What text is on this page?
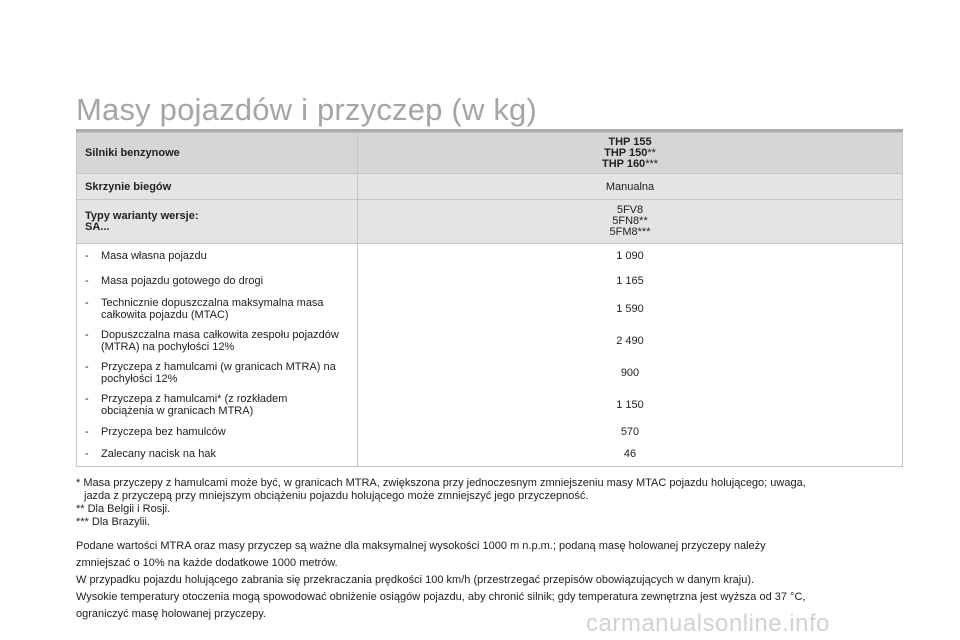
Masy pojazdów i przyczep (w kg)
Silniki benzynowe	THP 155
THP 150**
THP 160***

Skrzynie biegów	Manualna

Typy warianty wersje:
SA...	5FV8
5FN8**
5FM8***

- Masa własna pojazdu	1 090
- Masa pojazdu gotowego do drogi	1 165
- Technicznie dopuszczalna maksymalna masa całkowita pojazdu (MTAC)	1 590
- Dopuszczalna masa całkowita zespołu pojazdów (MTRA) na pochyłości 12%	2 490
- Przyczepa z hamulcami (w granicach MTRA) na pochyłości 12%	900
- Przyczepa z hamulcami* (z rozkładem obciążenia w granicach MTRA)	1 150
- Przyczepa bez hamulców	570
- Zalecany nacisk na hak	46

* Masa przyczepy z hamulcami może być, w granicach MTRA, zwiększona przy jednoczesnym zmniejszeniu masy MTAC pojazdu holującego; uwaga,

jazda z przyczepą przy mniejszym obciążeniu pojazdu holującego może zmniejszyć jego przyczepność.

** Dla Belgii i Rosji.

*** Dla Brazylii.

Podane wartości MTRA oraz masy przyczep są ważne dla maksymalnej wysokości 1000 m n.p.m.; podaną masę holowanej przyczepy należy

zmniejszać o 10% na każde dodatkowe 1000 metrów.

W przypadku pojazdu holującego zabrania się przekraczania prędkości 100 km/h (przestrzegać przepisów obowiązujących w danym kraju).

Wysokie temperatury otoczenia mogą spowodować obniżenie osiągów pojazdu, aby chronić silnik; gdy temperatura zewnętrzna jest wyższa od 37 °C,

ograniczyć masę holowanej przyczepy.	carmanualsonline.info
